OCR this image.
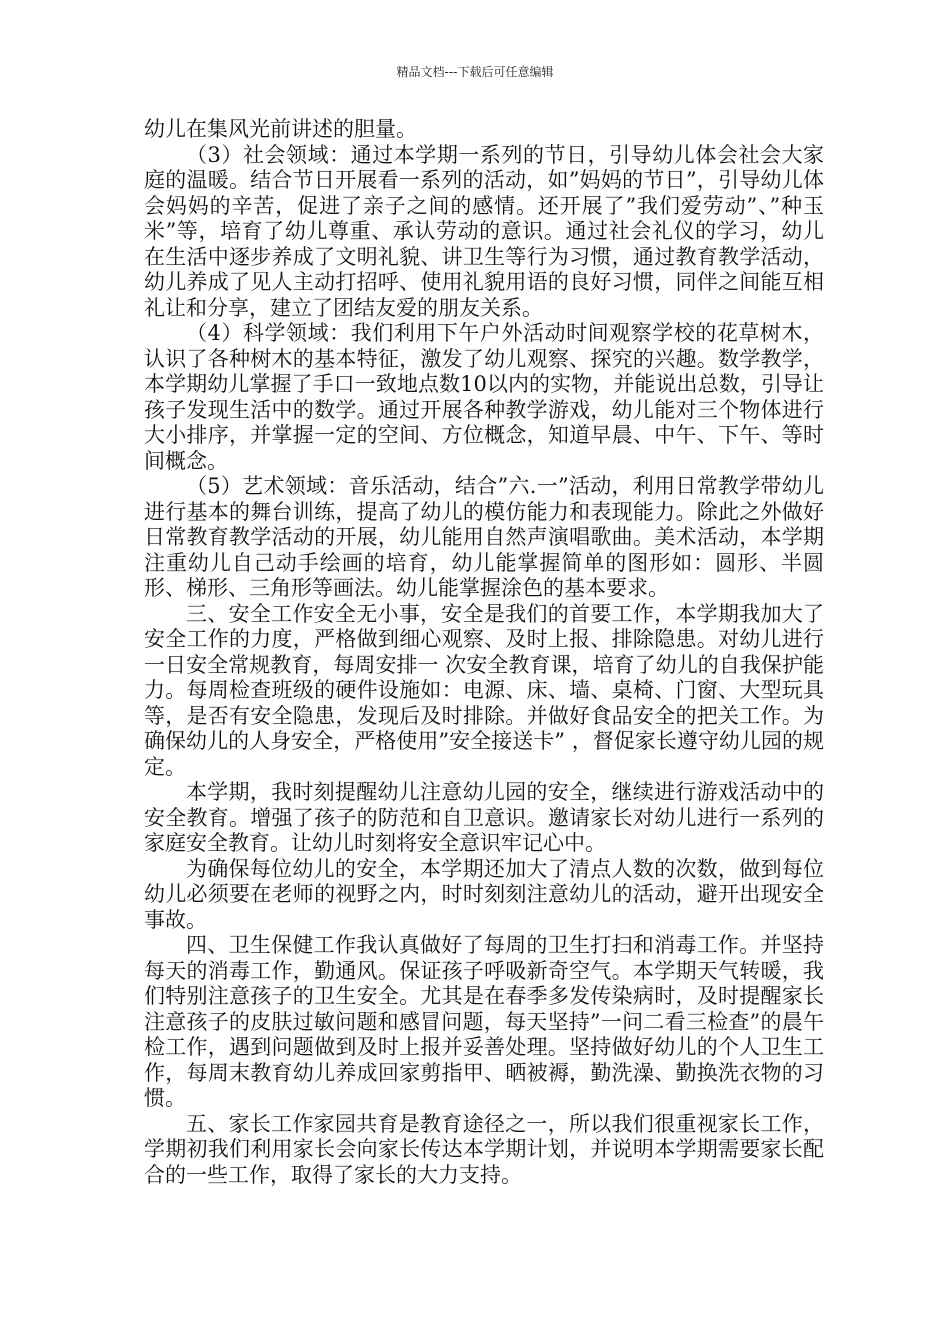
精品文档---下载后可任意编辑

幼儿在集风光前讲述的胆量。

（3）社会领域：通过本学期一系列的节日，引导幼儿体会社会大家庭的温暖。结合节日开展看一系列的活动，如”妈妈的节日”，引导幼儿体会妈妈的辛苦，促进了亲子之间的感情。还开展了”我们爱劳动”、”种玉米”等，培育了幼儿尊重、承认劳动的意识。通过社会礼仪的学习，幼儿在生活中逐步养成了文明礼貌、讲卫生等行为习惯，通过教育教学活动，幼儿养成了见人主动打招呼、使用礼貌用语的良好习惯，同伴之间能互相礼让和分享，建立了团结友爱的朋友关系。

（4）科学领域：我们利用下午户外活动时间观察学校的花草树木，认识了各种树木的基本特征，激发了幼儿观察、探究的兴趣。数学教学，本学期幼儿掌握了手口一致地点数10以内的实物，并能说出总数，引导让孩子发现生活中的数学。通过开展各种教学游戏，幼儿能对三个物体进行大小排序，并掌握一定的空间、方位概念，知道早晨、中午、下午、等时间概念。

（5）艺术领域：音乐活动，结合”六.一”活动，利用日常教学带幼儿进行基本的舞台训练，提高了幼儿的模仿能力和表现能力。除此之外做好日常教育教学活动的开展，幼儿能用自然声演唱歌曲。美术活动，本学期注重幼儿自己动手绘画的培育，幼儿能掌握简单的图形如：圆形、半圆形、梯形、三角形等画法。幼儿能掌握涂色的基本要求。

三、安全工作安全无小事，安全是我们的首要工作，本学期我加大了安全工作的力度，严格做到细心观察、及时上报、排除隐患。对幼儿进行一日安全常规教育，每周安排一 次安全教育课，培育了幼儿的自我保护能力。每周检查班级的硬件设施如：电源、床、墙、桌椅、门窗、大型玩具等，是否有安全隐患，发现后及时排除。并做好食品安全的把关工作。为确保幼儿的人身安全，严格使用”安全接送卡” ，督促家长遵守幼儿园的规定。

本学期，我时刻提醒幼儿注意幼儿园的安全，继续进行游戏活动中的安全教育。增强了孩子的防范和自卫意识。邀请家长对幼儿进行一系列的家庭安全教育。让幼儿时刻将安全意识牢记心中。

为确保每位幼儿的安全，本学期还加大了清点人数的次数，做到每位幼儿必须要在老师的视野之内，时时刻刻注意幼儿的活动，避开出现安全事故。

四、卫生保健工作我认真做好了每周的卫生打扫和消毒工作。并坚持每天的消毒工作，勤通风。保证孩子呼吸新奇空气。本学期天气转暖，我们特别注意孩子的卫生安全。尤其是在春季多发传染病时，及时提醒家长注意孩子的皮肤过敏问题和感冒问题，每天坚持”一问二看三检查”的晨午检工作，遇到问题做到及时上报并妥善处理。坚持做好幼儿的个人卫生工作，每周末教育幼儿养成回家剪指甲、晒被褥，勤洗澡、勤换洗衣物的习惯。

五、家长工作家园共育是教育途径之一，所以我们很重视家长工作，学期初我们利用家长会向家长传达本学期计划，并说明本学期需要家长配合的一些工作，取得了家长的大力支持。
